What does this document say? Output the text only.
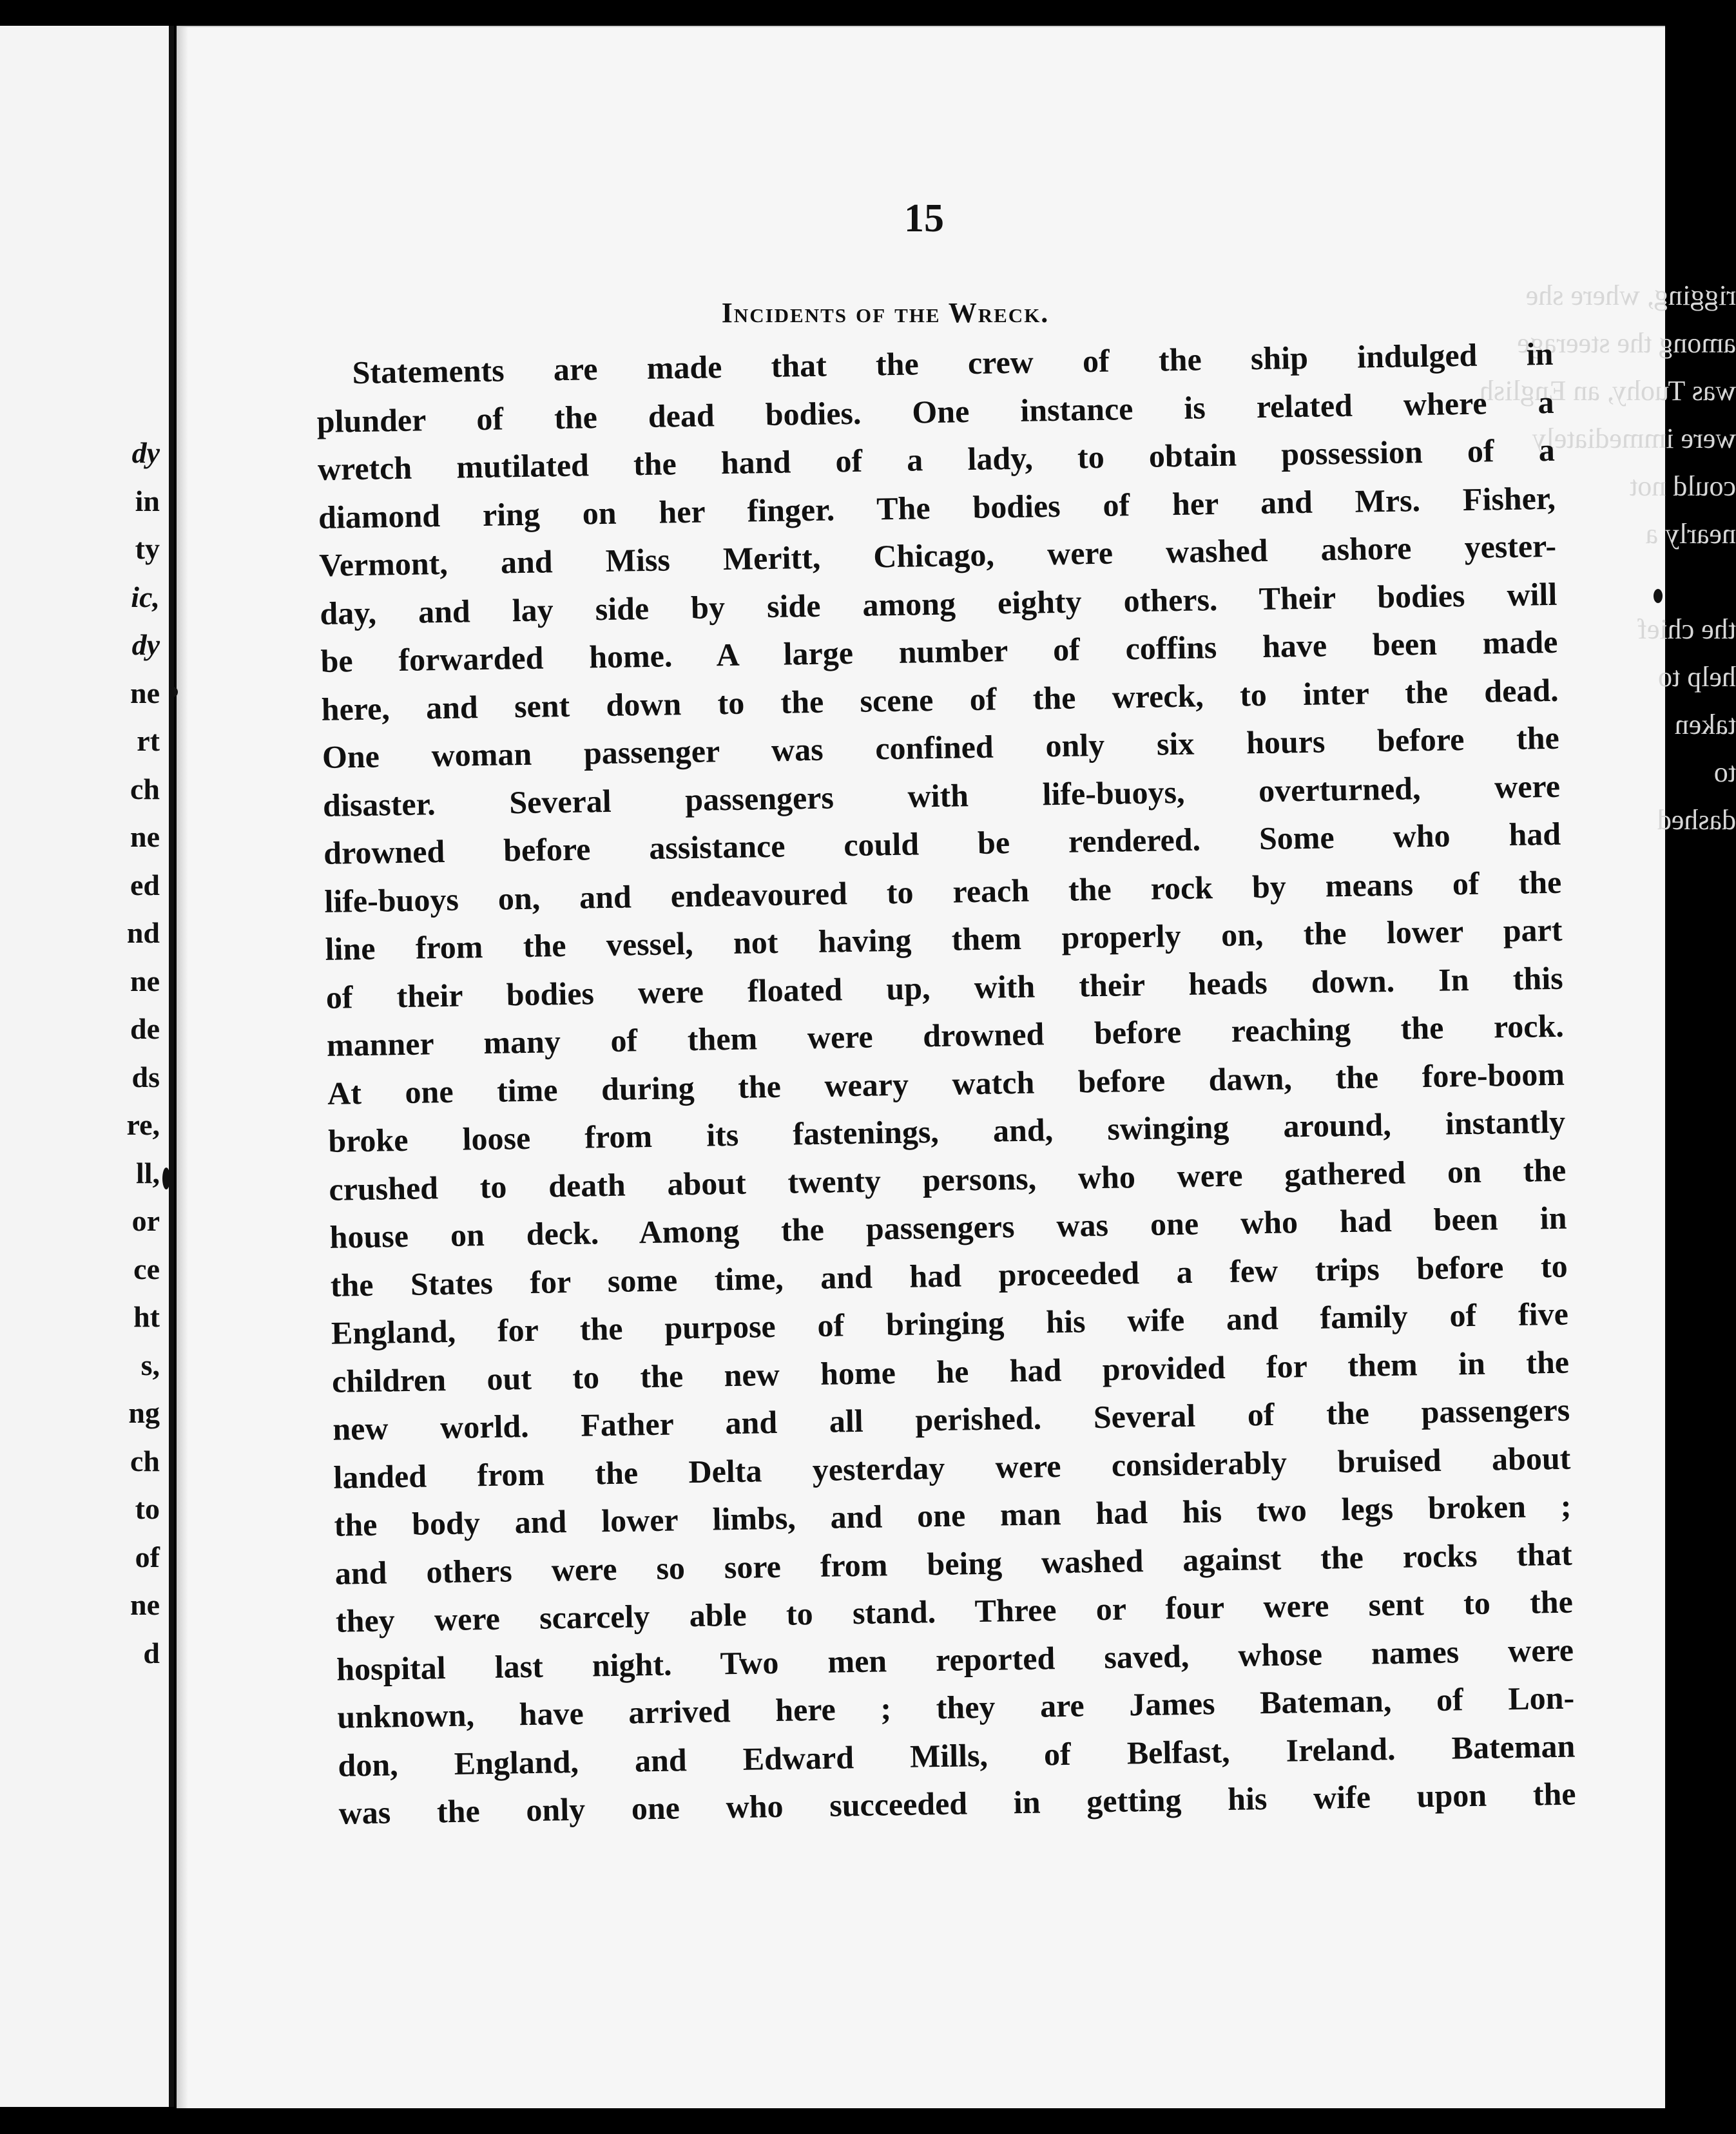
dy
in
ty
ic,
dy
ne
rt
ch
ne
ed
nd
ne
de
ds
re,
ll,
or
ce
ht
s,
ng
ch
to
of
ne
d
rigging, where she
among the steerage
was Tuohy, an English
were immediately
could not
nearly a

the chief
help to
taken
to
dashed

15
Incidents of the Wreck.
Statements are made that the crew of the ship indulged in
plunder of the dead bodies. One instance is related where a
wretch mutilated the hand of a lady, to obtain possession of a
diamond ring on her finger. The bodies of her and Mrs. Fisher,
Vermont, and Miss Meritt, Chicago, were washed ashore yester-
day, and lay side by side among eighty others. Their bodies will
be forwarded home. A large number of coffins have been made
here, and sent down to the scene of the wreck, to inter the dead.
One woman passenger was confined only six hours before the
disaster. Several passengers with life-buoys, overturned, were
drowned before assistance could be rendered. Some who had
life-buoys on, and endeavoured to reach the rock by means of the
line from the vessel, not having them properly on, the lower part
of their bodies were floated up, with their heads down. In this
manner many of them were drowned before reaching the rock.
At one time during the weary watch before dawn, the fore-boom
broke loose from its fastenings, and, swinging around, instantly
crushed to death about twenty persons, who were gathered on the
house on deck. Among the passengers was one who had been in
the States for some time, and had proceeded a few trips before to
England, for the purpose of bringing his wife and family of five
children out to the new home he had provided for them in the
new world. Father and all perished. Several of the passengers
landed from the Delta yesterday were considerably bruised about
the body and lower limbs, and one man had his two legs broken ;
and others were so sore from being washed against the rocks that
they were scarcely able to stand. Three or four were sent to the
hospital last night. Two men reported saved, whose names were
unknown, have arrived here ; they are James Bateman, of Lon-
don, England, and Edward Mills, of Belfast, Ireland. Bateman
was the only one who succeeded in getting his wife upon the
